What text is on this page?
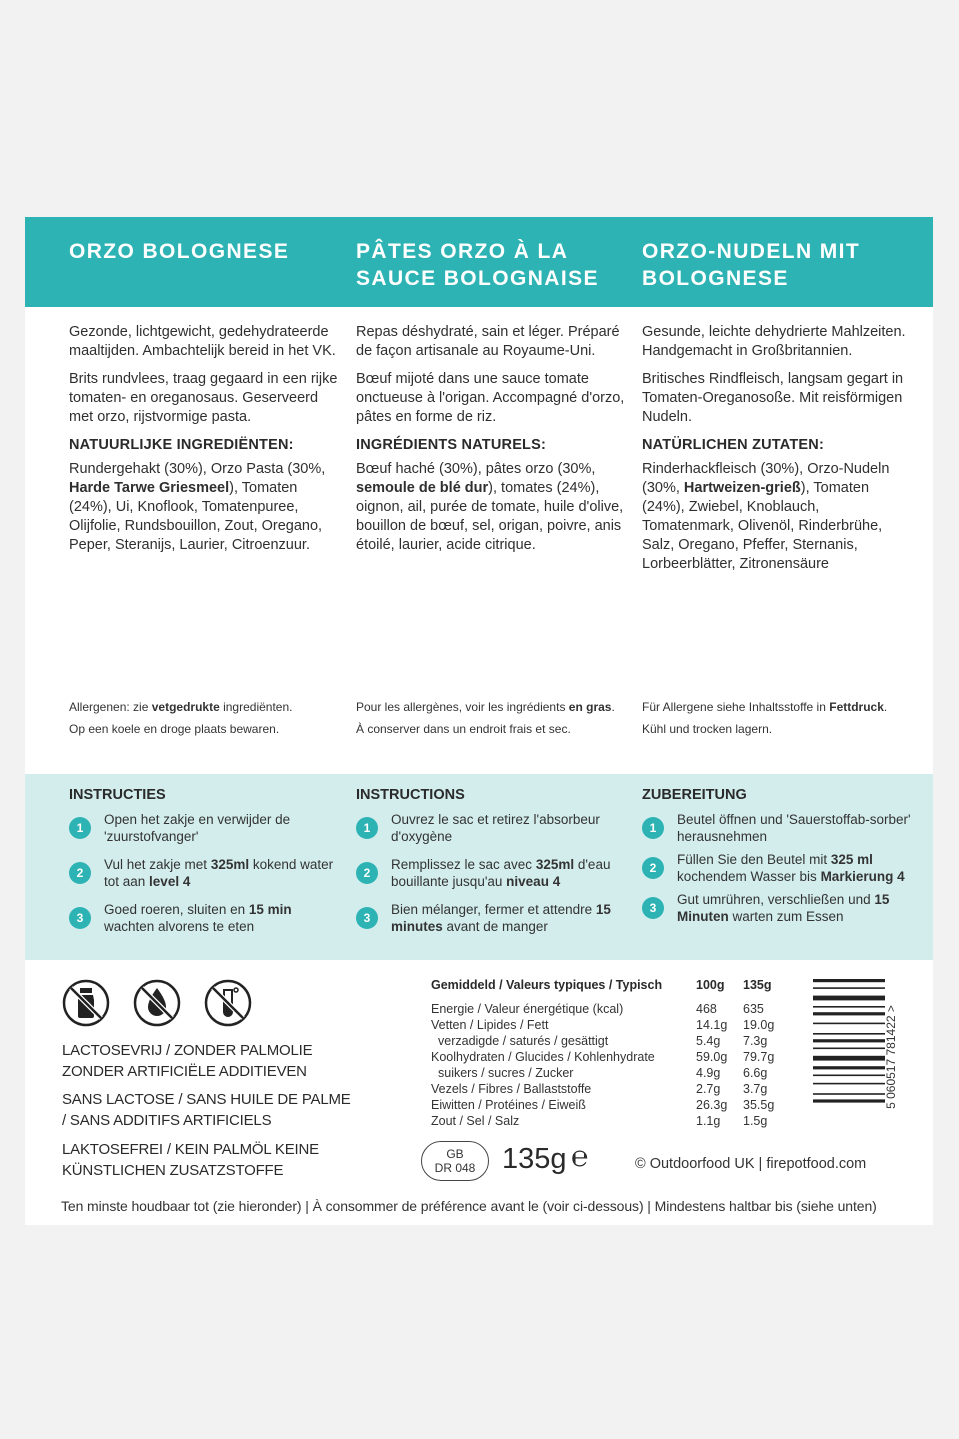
ORZO BOLOGNESE	PÂTES ORZO À LA SAUCE BOLOGNAISE
ORZO-NUDELN MIT BOLOGNESE

Gezonde, lichtgewicht, gedehydrateerde maaltijden. Ambachtelijk bereid in het VK.

Brits rundvlees, traag gegaard in een rijke tomaten- en oreganosaus. Geserveerd met orzo, rijstvormige pasta.

NATUURLIJKE INGREDIËNTEN:

Rundergehakt (30%), Orzo Pasta (30%, Harde Tarwe Griesmeel), Tomaten (24%), Ui, Knoflook, Tomatenpuree, Olijfolie, Rundsbouillon, Zout, Oregano, Peper, Steranijs, Laurier, Citroenzuur.

Repas déshydraté, sain et léger. Préparé de façon artisanale au Royaume-Uni.

Bœuf mijoté dans une sauce tomate onctueuse à l'origan. Accompagné d'orzo, pâtes en forme de riz.

INGRÉDIENTS NATURELS:

Bœuf haché (30%), pâtes orzo (30%, semoule de blé dur), tomates (24%), oignon, ail, purée de tomate, huile d'olive, bouillon de bœuf, sel, origan, poivre, anis étoilé, laurier, acide citrique.

Gesunde, leichte dehydrierte Mahlzeiten. Handgemacht in Großbritannien.

Britisches Rindfleisch, langsam gegart in Tomaten-Oreganosoße. Mit reisförmigen Nudeln.

NATÜRLICHEN ZUTATEN:

Rinderhackfleisch (30%), Orzo-Nudeln (30%, Hartweizen-grieß), Tomaten (24%), Zwiebel, Knoblauch, Tomatenmark, Olivenöl, Rinderbrühe, Salz, Oregano, Pfeffer, Sternanis, Lorbeerblätter, Zitronensäure

Allergenen: zie vetgedrukte ingrediënten.
Op een koele en droge plaats bewaren.
Pour les allergènes, voir les ingrédients en gras.
À conserver dans un endroit frais et sec.
Für Allergene siehe Inhaltsstoffe in Fettdruck.
Kühl und trocken lagern.
INSTRUCTIES
1
Open het zakje en verwijder de 'zuurstofvanger'
2
Vul het zakje met 325ml kokend water tot aan level 4
3
Goed roeren, sluiten en 15 min wachten alvorens te eten
INSTRUCTIONS
1
Ouvrez le sac et retirez l'absorbeur d'oxygène
2
Remplissez le sac avec 325ml d'eau bouillante jusqu'au niveau 4
3
Bien mélanger, fermer et attendre 15 minutes avant de manger
ZUBEREITUNG
1
Beutel öffnen und 'Sauerstoffab-sorber' herausnehmen
2
Füllen Sie den Beutel mit 325 ml kochendem Wasser bis Markierung 4
3
Gut umrühren, verschließen und 15 Minuten warten zum Essen
LACTOSEVRIJ / ZONDER PALMOLIE ZONDER ARTIFICIËLE ADDITIEVEN
SANS LACTOSE / SANS HUILE DE PALME / SANS ADDITIFS ARTIFICIELS
LAKTOSEFREI / KEIN PALMÖL KEINE KÜNSTLICHEN ZUSATZSTOFFE
Gemiddeld / Valeurs typiques / Typisch	100g 135g
Energie / Valeur énergétique (kcal)	468 635
Vetten / Lipides / Fett	14.1g 19.0g
verzadigde / saturés / gesättigt	5.4g 7.3g
Koolhydraten / Glucides / Kohlenhydrate	59.0g 79.7g
suikers / sucres / Zucker	4.9g 6.6g
Vezels / Fibres / Ballaststoffe	2.7g 3.7g
Eiwitten / Protéines / Eiweiß	26.3g 35.5g
Zout / Sel / Salz	1.1g 1.5g
5 060517 781422 >
GB
DR 048 135g ℮	© Outdoorfood UK | firepotfood.com
Ten minste houdbaar tot (zie hieronder) | À consommer de préférence avant le (voir ci-dessous) | Mindestens haltbar bis (siehe unten)
